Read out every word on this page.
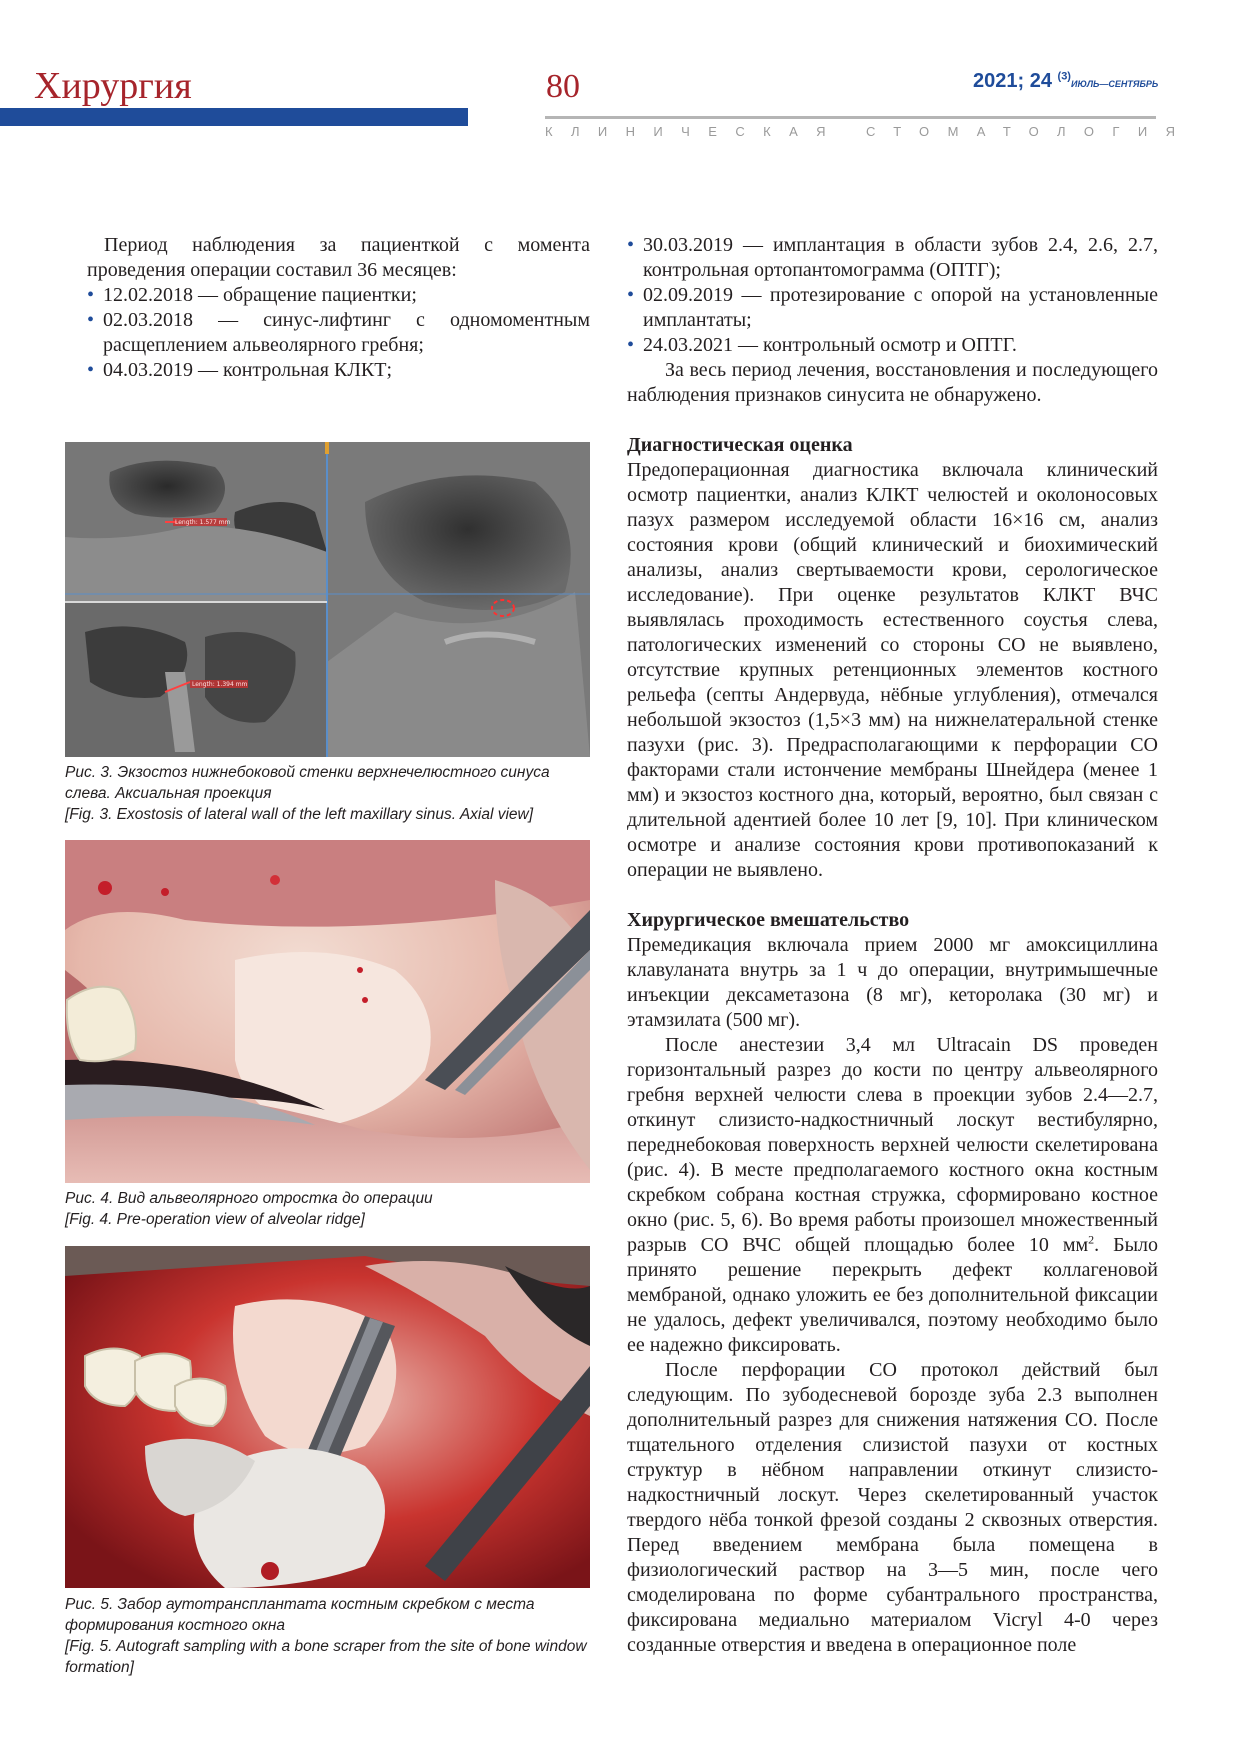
Хирургия	80	2021; 24 $^{(3)}$ИЮЛЬ—СЕНТЯБРЬ
КЛИНИЧЕСКАЯ СТОМАТОЛОГИЯ

Период наблюдения за пациенткой с момента проведения операции составил 36 месяцев:

• 12.02.2018 — обращение пациентки;

• 02.03.2018 — синус-лифтинг с одномоментным расщеплением альвеолярного гребня;

• 04.03.2019 — контрольная КЛКТ;

Length: 1.577 mm
Length: 1.394 mm
Рис. 3. Экзостоз нижнебоковой стенки верхнечелюстного синуса слева. Аксиальная проекция
[Fig. 3. Exostosis of lateral wall of the left maxillary sinus. Axial view]
Рис. 4. Вид альвеолярного отростка до операции
[Fig. 4. Pre-operation view of alveolar ridge]
Рис. 5. Забор аутотрансплантата костным скребком с места формирования костного окна
[Fig. 5. Autograft sampling with a bone scraper from the site of bone window formation]

• 30.03.2019 — имплантация в области зубов 2.4, 2.6, 2.7, контрольная ортопантомограмма (ОПТГ);

• 02.09.2019 — протезирование с опорой на установленные имплантаты;

• 24.03.2021 — контрольный осмотр и ОПТГ.

За весь период лечения, восстановления и последующего наблюдения признаков синусита не обнаружено.

Диагностическая оценка

Предоперационная диагностика включала клинический осмотр пациентки, анализ КЛКТ челюстей и околоносовых пазух размером исследуемой области 16×16 см, анализ состояния крови (общий клинический и биохимический анализы, анализ свертываемости крови, серологическое исследование). При оценке результатов КЛКТ ВЧС выявлялась проходимость естественного соустья слева, патологических изменений со стороны СО не выявлено, отсутствие крупных ретенционных элементов костного рельефа (септы Андервуда, нёбные углубления), отмечался небольшой экзостоз (1,5×3 мм) на нижнелатеральной стенке пазухи (рис. 3). Предрасполагающими к перфорации СО факторами стали истончение мембраны Шнейдера (менее 1 мм) и экзостоз костного дна, который, вероятно, был связан с длительной адентией более 10 лет [9, 10]. При клиническом осмотре и анализе состояния крови противопоказаний к операции не выявлено.

Хирургическое вмешательство

Премедикация включала прием 2000 мг амоксициллина клавуланата внутрь за 1 ч до операции, внутримышечные инъекции дексаметазона (8 мг), кеторолака (30 мг) и этамзилата (500 мг).

После анестезии 3,4 мл Ultracain DS проведен горизонтальный разрез до кости по центру альвеолярного гребня верхней челюсти слева в проекции зубов 2.4—2.7, откинут слизисто-надкостничный лоскут вестибулярно, переднебоковая поверхность верхней челюсти скелетирована (рис. 4). В месте предполагаемого костного окна костным скребком собрана костная стружка, сформировано костное окно (рис. 5, 6). Во время работы произошел множественный разрыв СО ВЧС общей площадью более 10 $мм^2$. Было принято решение перекрыть дефект коллагеновой мембраной, однако уложить ее без дополнительной фиксации не удалось, дефект увеличивался, поэтому необходимо было ее надежно фиксировать.

После перфорации СО протокол действий был следующим. По зубодесневой борозде зуба 2.3 выполнен дополнительный разрез для снижения натяжения СО. После тщательного отделения слизистой пазухи от костных структур в нёбном направлении откинут слизисто-надкостничный лоскут. Через скелетированный участок твердого нёба тонкой фрезой созданы 2 сквозных отверстия. Перед введением мембрана была помещена в физиологический раствор на 3—5 мин, после чего смоделирована по форме субантрального пространства, фиксирована медиально материалом Vicryl 4-0 через созданные отверстия и введена в операционное поле
